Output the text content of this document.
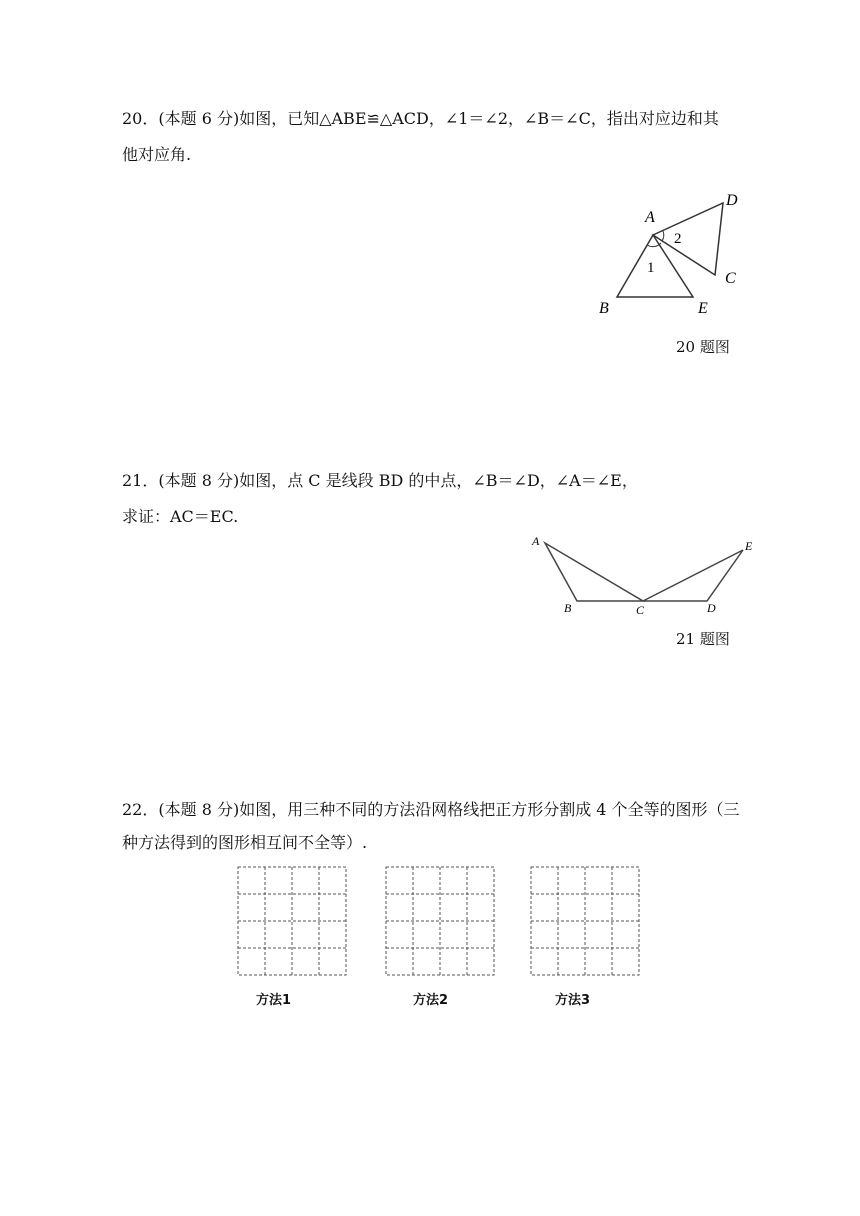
20．(本题 6 分)如图，已知△ABE≌△ACD，∠1＝∠2，∠B＝∠C，指出对应边和其
他对应角.
A
B
C
D
E
1
2
20 题图
21．(本题 8 分)如图，点 C 是线段 BD 的中点，∠B＝∠D，∠A＝∠E，
求证：AC＝EC.
A
B	C	D
E
21 题图
22．(本题 8 分)如图，用三种不同的方法沿网格线把正方形分割成 4 个全等的图形（三
种方法得到的图形相互间不全等）.
方法1	方法2	方法3
